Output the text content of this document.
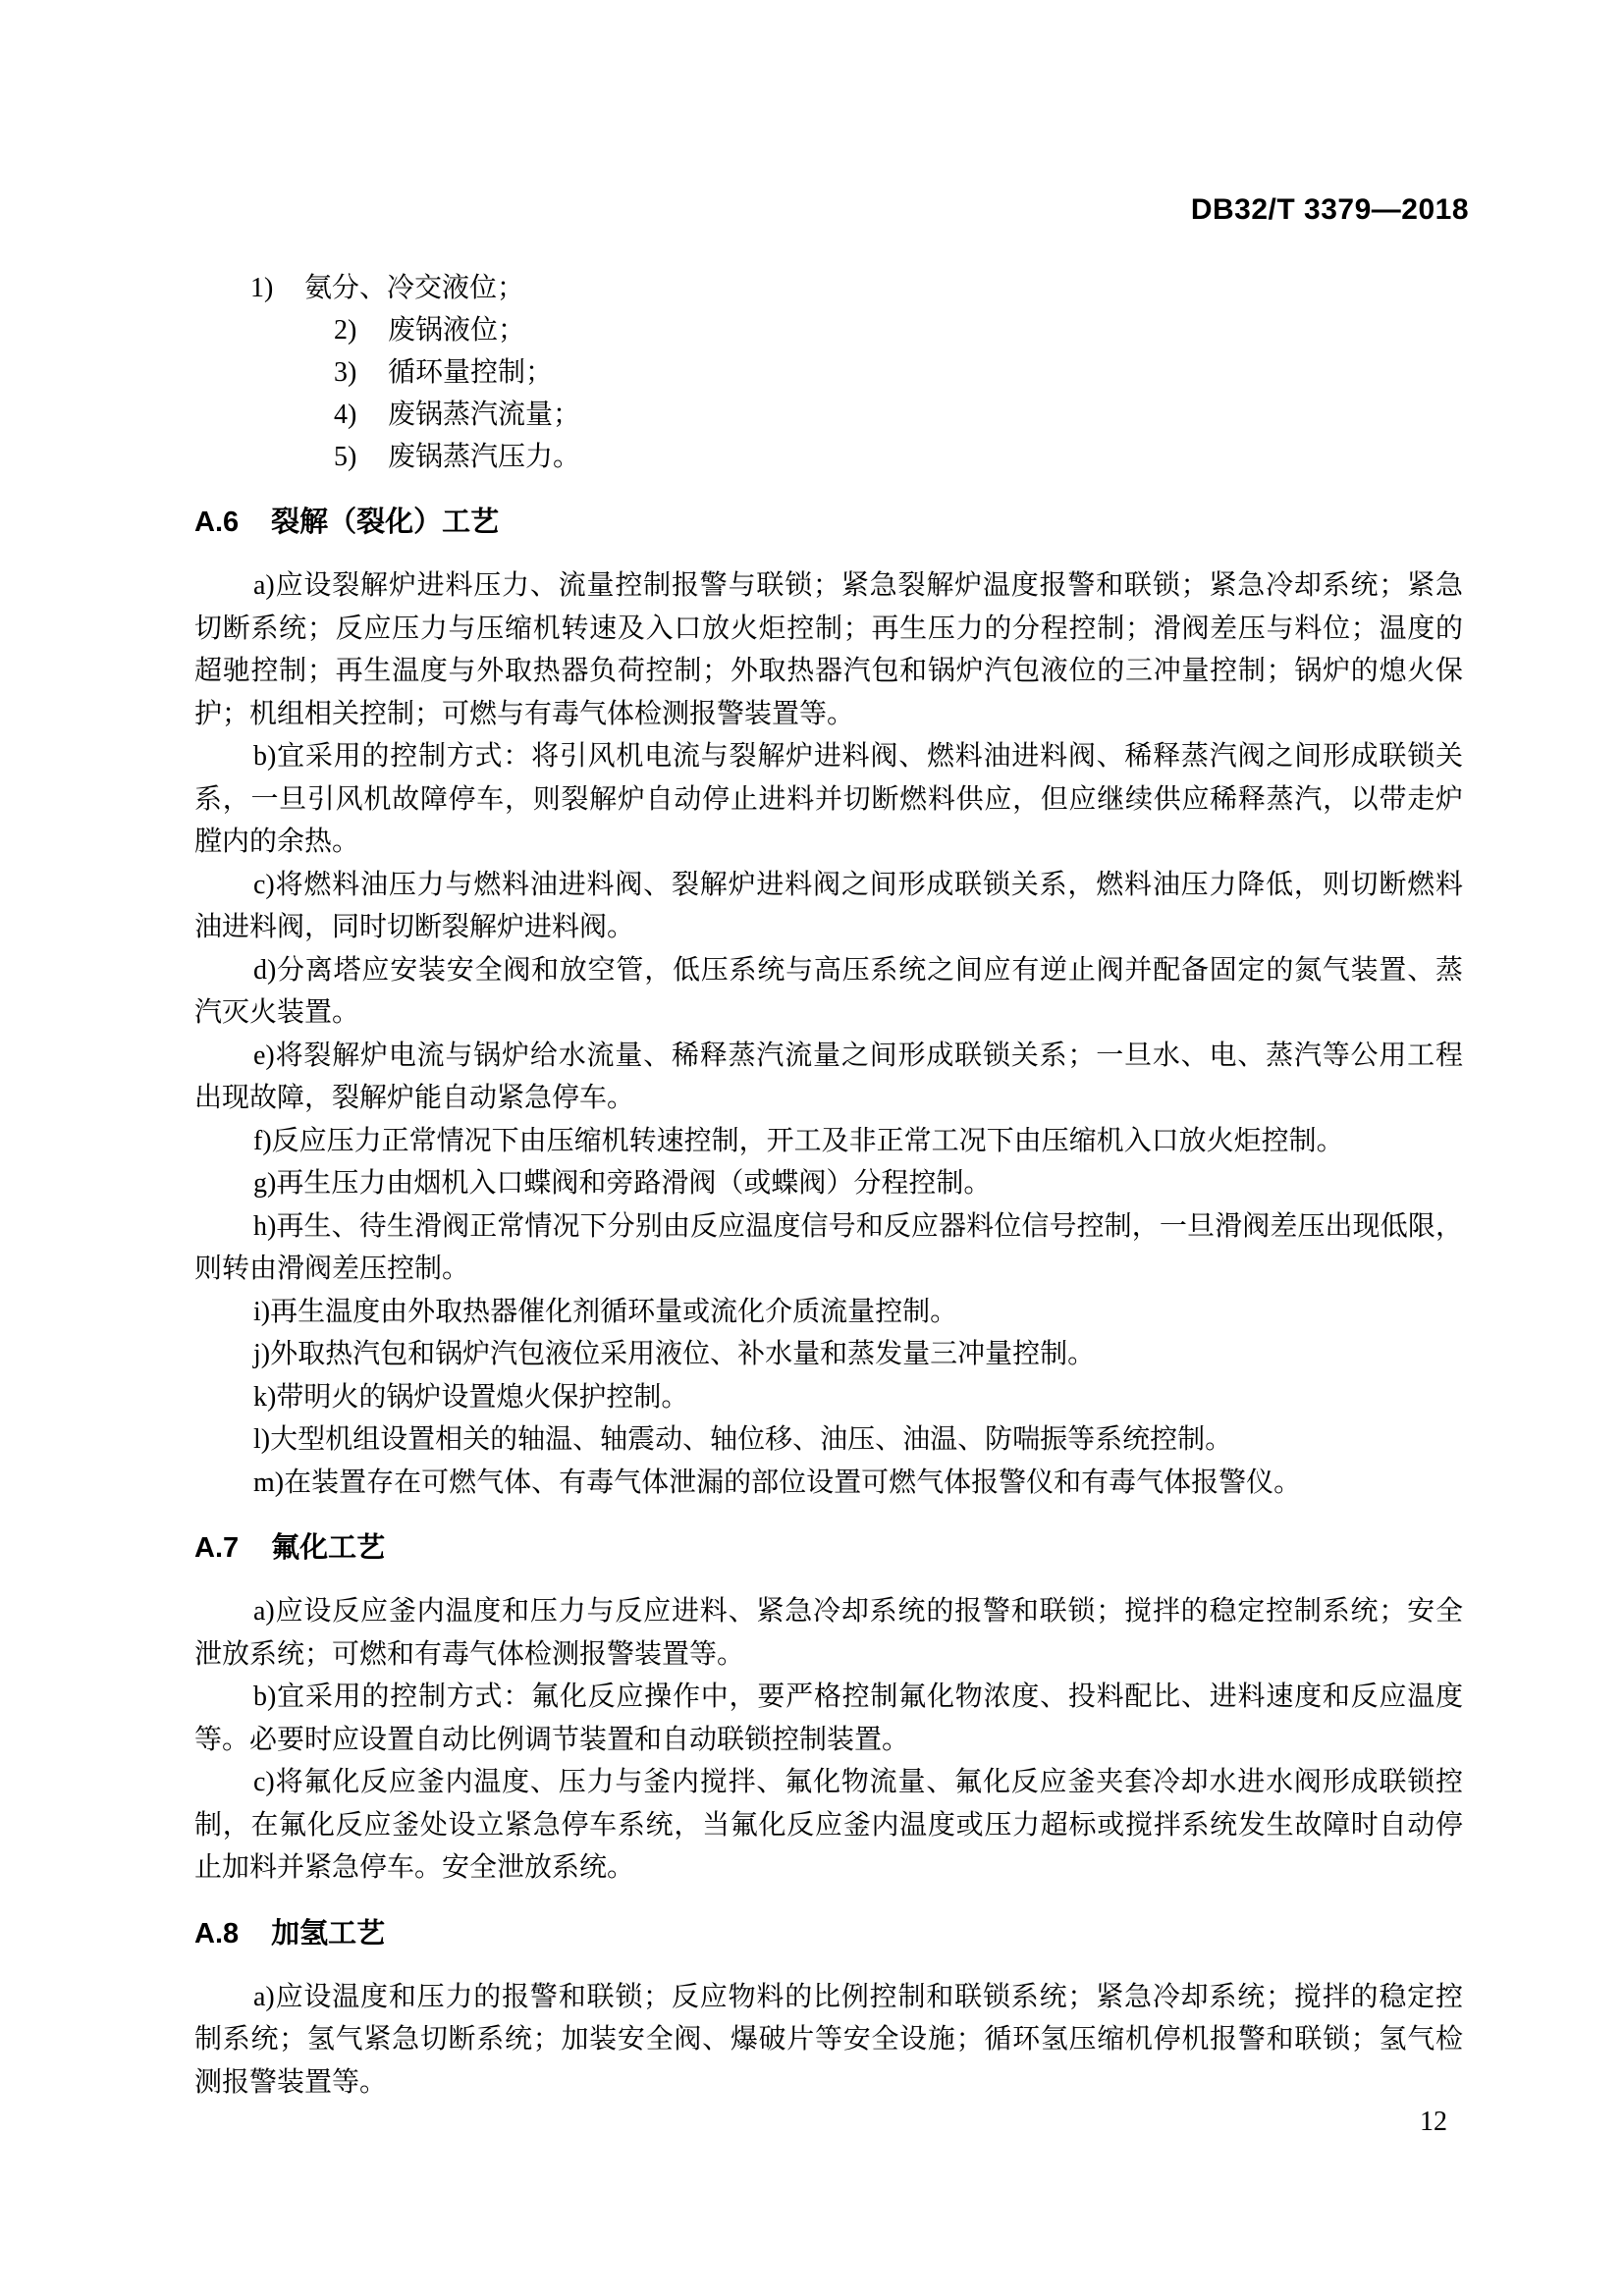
DB32/T 3379—2018
1) 氨分、冷交液位；
2) 废锅液位；
3) 循环量控制；
4) 废锅蒸汽流量；
5) 废锅蒸汽压力。
A.6 裂解（裂化）工艺
a)应设裂解炉进料压力、流量控制报警与联锁；紧急裂解炉温度报警和联锁；紧急冷却系统；紧急
切断系统；反应压力与压缩机转速及入口放火炬控制；再生压力的分程控制；滑阀差压与料位；温度的
超驰控制；再生温度与外取热器负荷控制；外取热器汽包和锅炉汽包液位的三冲量控制；锅炉的熄火保
护；机组相关控制；可燃与有毒气体检测报警装置等。
b)宜采用的控制方式：将引风机电流与裂解炉进料阀、燃料油进料阀、稀释蒸汽阀之间形成联锁关
系，一旦引风机故障停车，则裂解炉自动停止进料并切断燃料供应，但应继续供应稀释蒸汽，以带走炉
膛内的余热。
c)将燃料油压力与燃料油进料阀、裂解炉进料阀之间形成联锁关系，燃料油压力降低，则切断燃料
油进料阀，同时切断裂解炉进料阀。
d)分离塔应安装安全阀和放空管，低压系统与高压系统之间应有逆止阀并配备固定的氮气装置、蒸
汽灭火装置。
e)将裂解炉电流与锅炉给水流量、稀释蒸汽流量之间形成联锁关系；一旦水、电、蒸汽等公用工程
出现故障，裂解炉能自动紧急停车。
f)反应压力正常情况下由压缩机转速控制，开工及非正常工况下由压缩机入口放火炬控制。
g)再生压力由烟机入口蝶阀和旁路滑阀（或蝶阀）分程控制。
h)再生、待生滑阀正常情况下分别由反应温度信号和反应器料位信号控制，一旦滑阀差压出现低限，
则转由滑阀差压控制。
i)再生温度由外取热器催化剂循环量或流化介质流量控制。
j)外取热汽包和锅炉汽包液位采用液位、补水量和蒸发量三冲量控制。
k)带明火的锅炉设置熄火保护控制。
l)大型机组设置相关的轴温、轴震动、轴位移、油压、油温、防喘振等系统控制。
m)在装置存在可燃气体、有毒气体泄漏的部位设置可燃气体报警仪和有毒气体报警仪。
A.7 氟化工艺
a)应设反应釜内温度和压力与反应进料、紧急冷却系统的报警和联锁；搅拌的稳定控制系统；安全
泄放系统；可燃和有毒气体检测报警装置等。
b)宜采用的控制方式：氟化反应操作中，要严格控制氟化物浓度、投料配比、进料速度和反应温度
等。必要时应设置自动比例调节装置和自动联锁控制装置。
c)将氟化反应釜内温度、压力与釜内搅拌、氟化物流量、氟化反应釜夹套冷却水进水阀形成联锁控
制，在氟化反应釜处设立紧急停车系统，当氟化反应釜内温度或压力超标或搅拌系统发生故障时自动停
止加料并紧急停车。安全泄放系统。
A.8 加氢工艺
a)应设温度和压力的报警和联锁；反应物料的比例控制和联锁系统；紧急冷却系统；搅拌的稳定控
制系统；氢气紧急切断系统；加装安全阀、爆破片等安全设施；循环氢压缩机停机报警和联锁；氢气检
测报警装置等。
12
